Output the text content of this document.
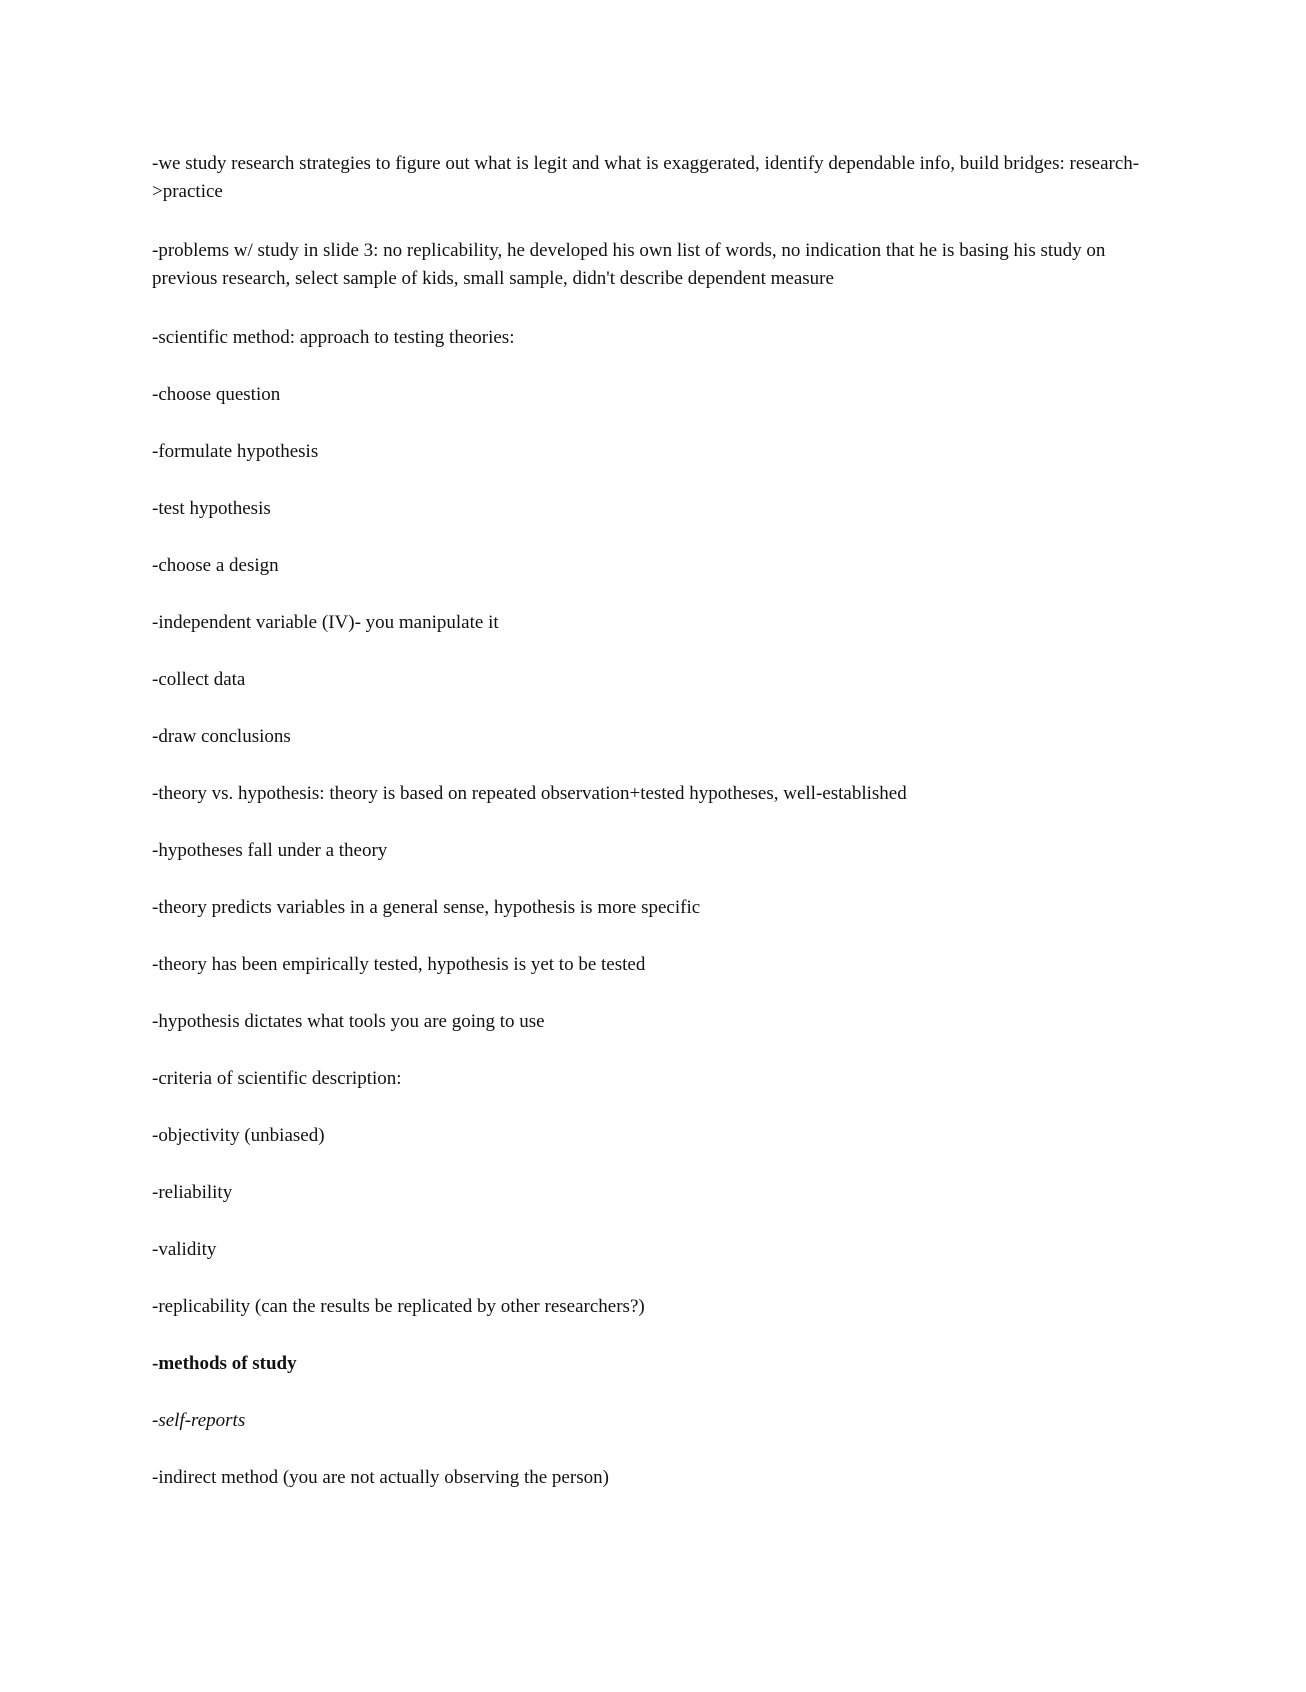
-we study research strategies to figure out what is legit and what is exaggerated, identify dependable info, build bridges: research->practice

-problems w/ study in slide 3: no replicability, he developed his own list of words, no indication that he is basing his study on previous research, select sample of kids, small sample, didn't describe dependent measure

-scientific method: approach to testing theories:

-choose question

-formulate hypothesis

-test hypothesis

-choose a design

-independent variable (IV)- you manipulate it

-collect data

-draw conclusions

-theory vs. hypothesis: theory is based on repeated observation+tested hypotheses, well-established

-hypotheses fall under a theory

-theory predicts variables in a general sense, hypothesis is more specific

-theory has been empirically tested, hypothesis is yet to be tested

-hypothesis dictates what tools you are going to use

-criteria of scientific description:

-objectivity (unbiased)

-reliability

-validity

-replicability (can the results be replicated by other researchers?)

-methods of study

-self-reports

-indirect method (you are not actually observing the person)
